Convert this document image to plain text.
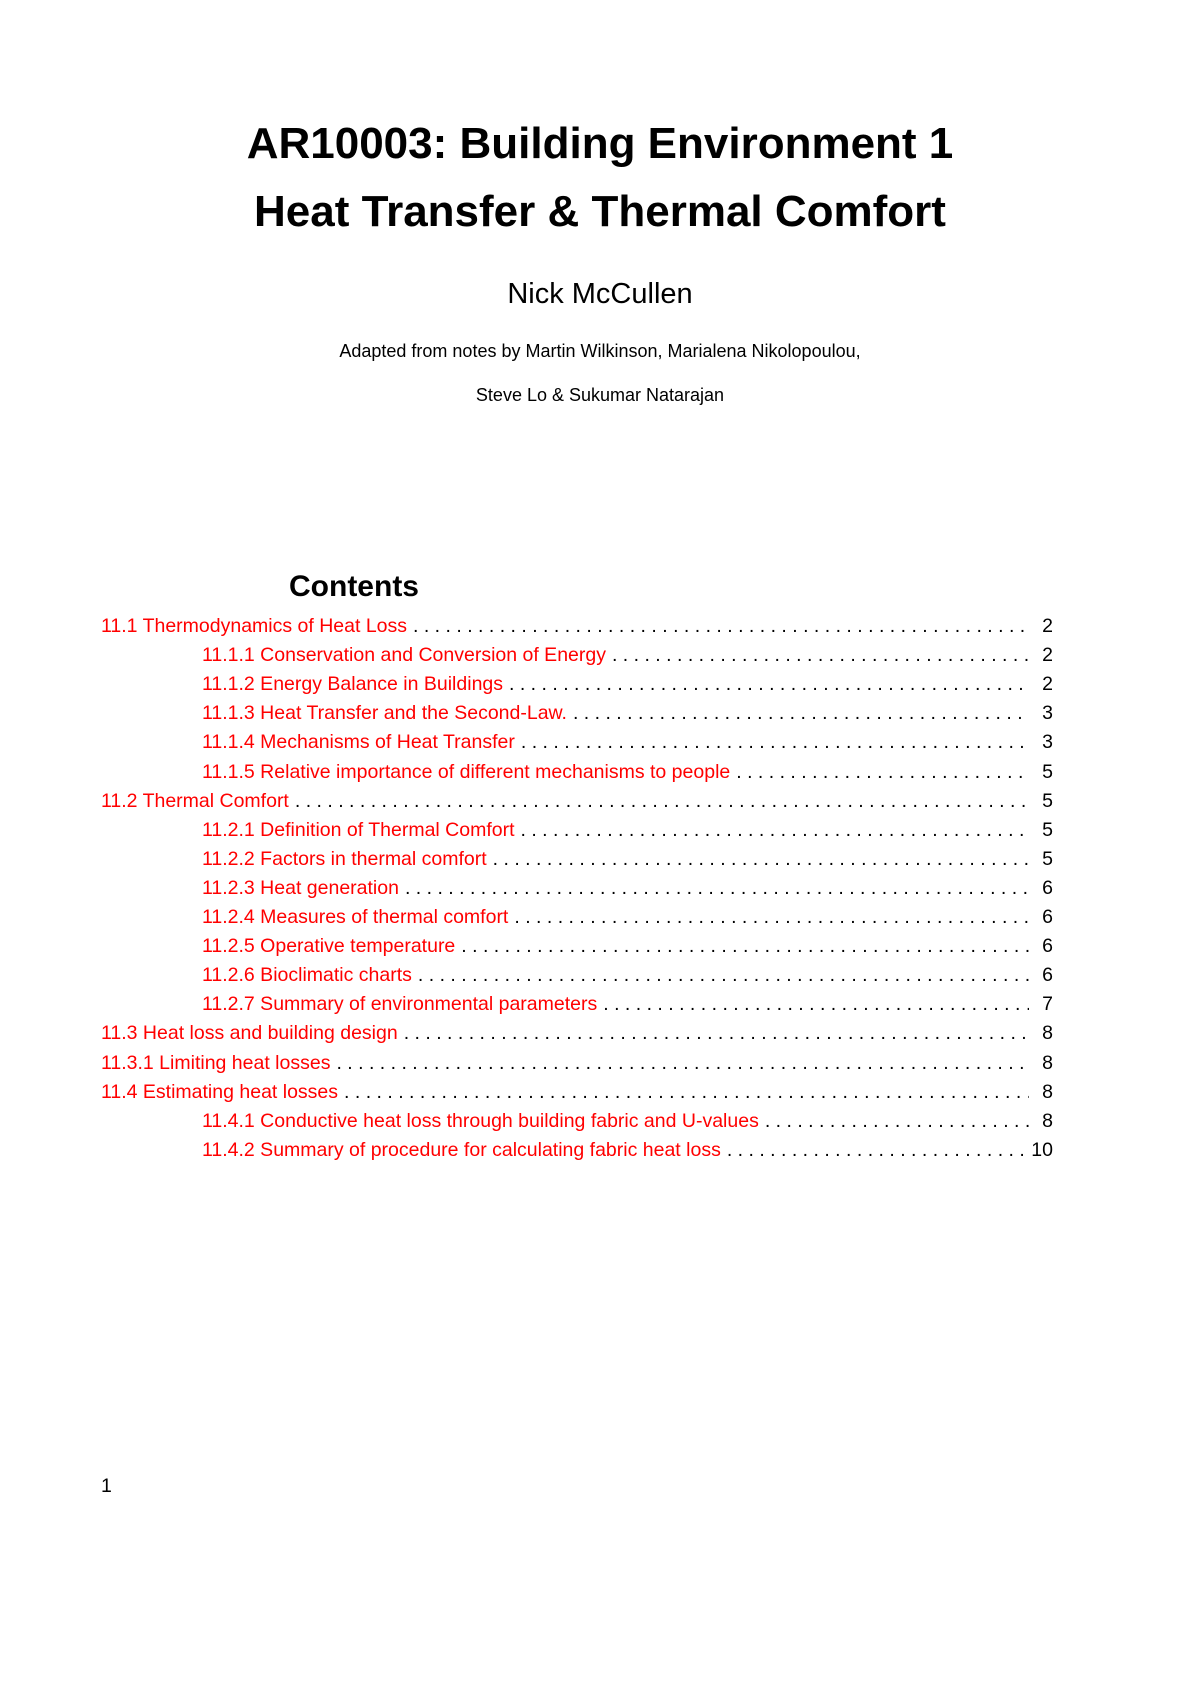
AR10003: Building Environment 1
Heat Transfer & Thermal Comfort
Nick McCullen
Adapted from notes by Martin Wilkinson, Marialena Nikolopoulou,
Steve Lo & Sukumar Natarajan
Contents
11.1 Thermodynamics of Heat Loss . . .	2
11.1.1 Conservation and Conversion of Energy . . .	2
11.1.2 Energy Balance in Buildings . . .	2
11.1.3 Heat Transfer and the Second-Law. . . .	3
11.1.4 Mechanisms of Heat Transfer . . .	3
11.1.5 Relative importance of different mechanisms to people . . .	5
11.2 Thermal Comfort . . .	5
11.2.1 Definition of Thermal Comfort . . .	5
11.2.2 Factors in thermal comfort . . .	5
11.2.3 Heat generation . . .	6
11.2.4 Measures of thermal comfort . . .	6
11.2.5 Operative temperature . . .	6
11.2.6 Bioclimatic charts . . .	6
11.2.7 Summary of environmental parameters . . .	7
11.3 Heat loss and building design . . .	8
11.3.1 Limiting heat losses . . .	8
11.4 Estimating heat losses . . .	8
11.4.1 Conductive heat loss through building fabric and U-values . . .	8
11.4.2 Summary of procedure for calculating fabric heat loss . . .	10
1
